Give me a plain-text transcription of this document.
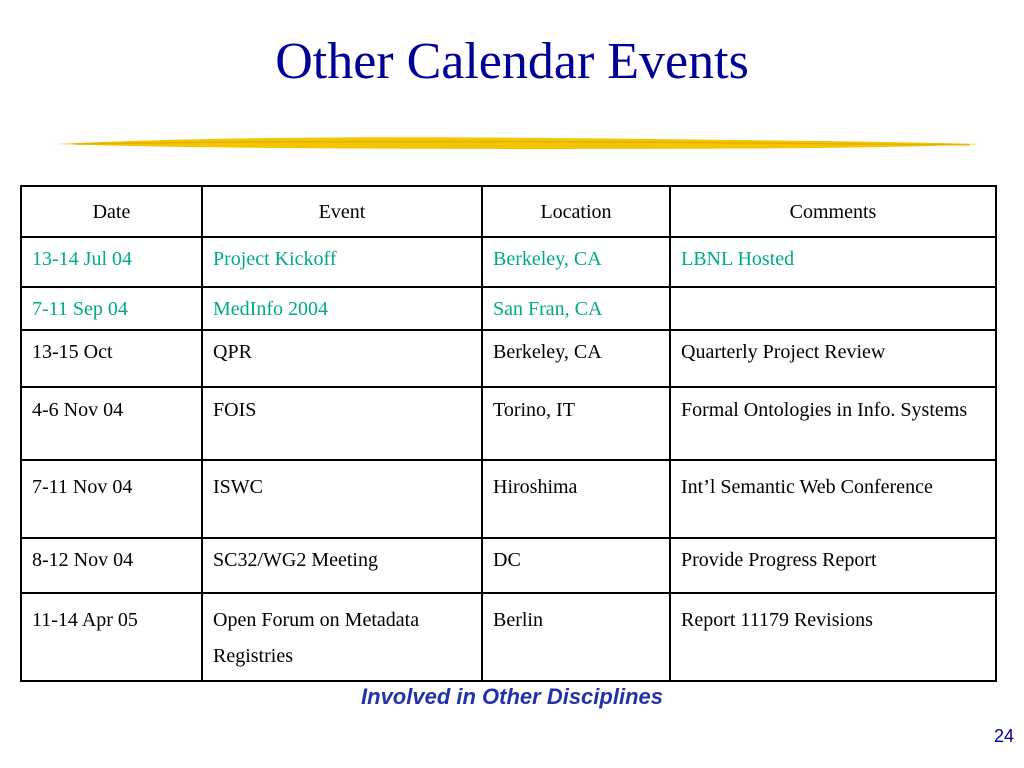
Other Calendar Events
Date	Event	Location	Comments
13-14 Jul 04	Project Kickoff	Berkeley, CA	LBNL Hosted
7-11 Sep 04	MedInfo 2004	San Fran, CA	
13-15 Oct	QPR	Berkeley, CA	Quarterly Project Review
4-6 Nov 04	FOIS	Torino, IT	Formal Ontologies in Info. Systems
7-11 Nov 04	ISWC	Hiroshima	Int’l Semantic Web Conference
8-12 Nov 04	SC32/WG2 Meeting	DC	Provide Progress Report
11-14 Apr 05	Open Forum on Metadata Registries	Berlin	Report 11179 Revisions
Involved in Other Disciplines
24
